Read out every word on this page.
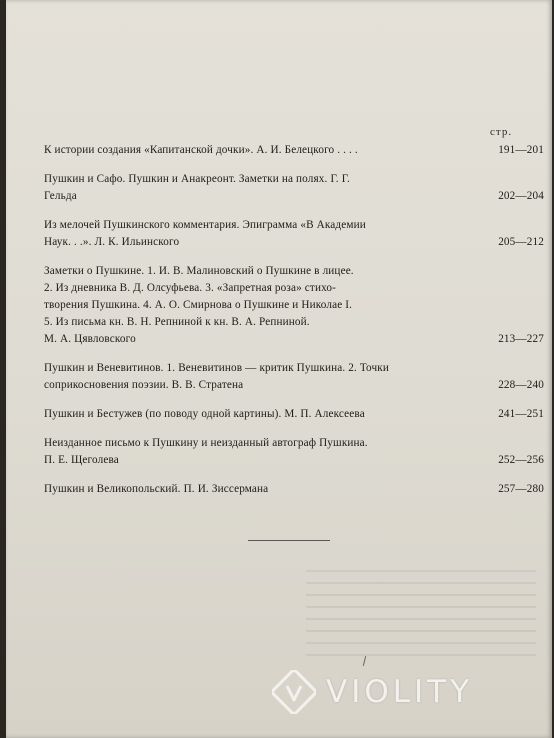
стр.
К истории создания «Капитанской дочки». А. И. Белецкого . . . .	191—201
Пушкин и Сафо. Пушкин и Анакреонт. Заметки на полях. Г. Г.
Гельда	202—204
Из мелочей Пушкинского комментария. Эпиграмма «В Академии
Наук. . .». Л. К. Ильинского	205—212
Заметки о Пушкине. 1. И. В. Малиновский о Пушкине в лицее.
2. Из дневника В. Д. Олсуфьева. 3. «Запретная роза» стихо-
творения Пушкина. 4. А. О. Смирнова о Пушкине и Николае I.
5. Из письма кн. В. Н. Репниной к кн. В. А. Репниной.
М. А. Цявловского	213—227
Пушкин и Веневитинов. 1. Веневитинов — критик Пушкина. 2. Точки
соприкосновения поэзии. В. В. Стратена	228—240
Пушкин и Бестужев (по поводу одной картины). М. П. Алексеева	241—251
Неизданное письмо к Пушкину и неизданный автограф Пушкина.
П. Е. Щеголева	252—256
Пушкин и Великопольский. П. И. Зиссермана	257—280
VIOLITY
